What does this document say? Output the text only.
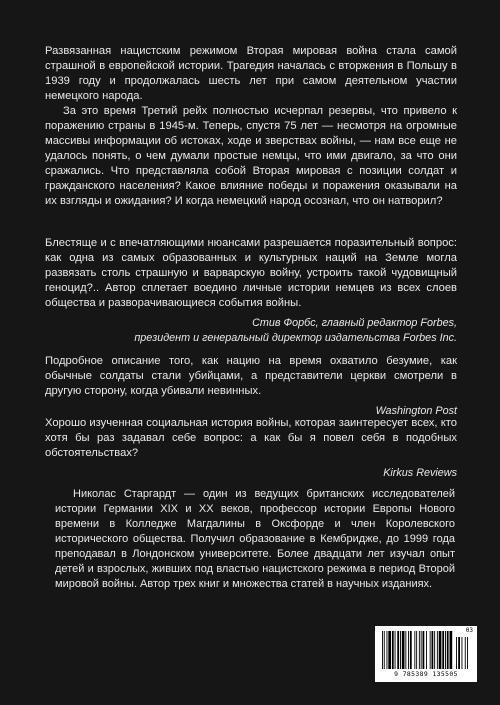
Развязанная нацистским режимом Вторая мировая война стала самой страшной в европейской истории. Трагедия началась с вторжения в Польшу в 1939 году и продолжалась шесть лет при самом деятельном участии немецкого народа.

За это время Третий рейх полностью исчерпал резервы, что привело к поражению страны в 1945-м. Теперь, спустя 75 лет — несмотря на огромные массивы информации об истоках, ходе и зверствах войны, — нам все еще не удалось понять, о чем думали простые немцы, что ими двигало, за что они сражались. Что представляла собой Вторая мировая с позиции солдат и гражданского населения? Какое влияние победы и поражения оказывали на их взгляды и ожидания? И когда немецкий народ осознал, что он натворил?

Блестяще и с впечатляющими нюансами разрешается поразительный вопрос: как одна из самых образованных и культурных наций на Земле могла развязать столь страшную и варварскую войну, устроить такой чудовищный геноцид?.. Автор сплетает воедино личные истории немцев из всех слоев общества и разворачивающиеся события войны.

Стив Форбс, главный редактор Forbes,
президент и генеральный директор издательства Forbes Inc.

Подробное описание того, как нацию на время охватило безумие, как обычные солдаты стали убийцами, а представители церкви смотрели в другую сторону, когда убивали невинных.

Washington Post

Хорошо изученная социальная история войны, которая заинтересует всех, кто хотя бы раз задавал себе вопрос: а как бы я повел себя в подобных обстоятельствах?

Kirkus Reviews

Николас Старгардт — один из ведущих британских исследователей истории Германии XIX и XX веков, профессор истории Европы Нового времени в Колледже Магдалины в Оксфорде и член Королевского исторического общества. Получил образование в Кембридже, до 1999 года преподавал в Лондонском университете. Более двадцати лет изучал опыт детей и взрослых, живших под властью нацистского режима в период Второй мировой войны. Автор трех книг и множества статей в научных изданиях.

03
9 785389 135505
